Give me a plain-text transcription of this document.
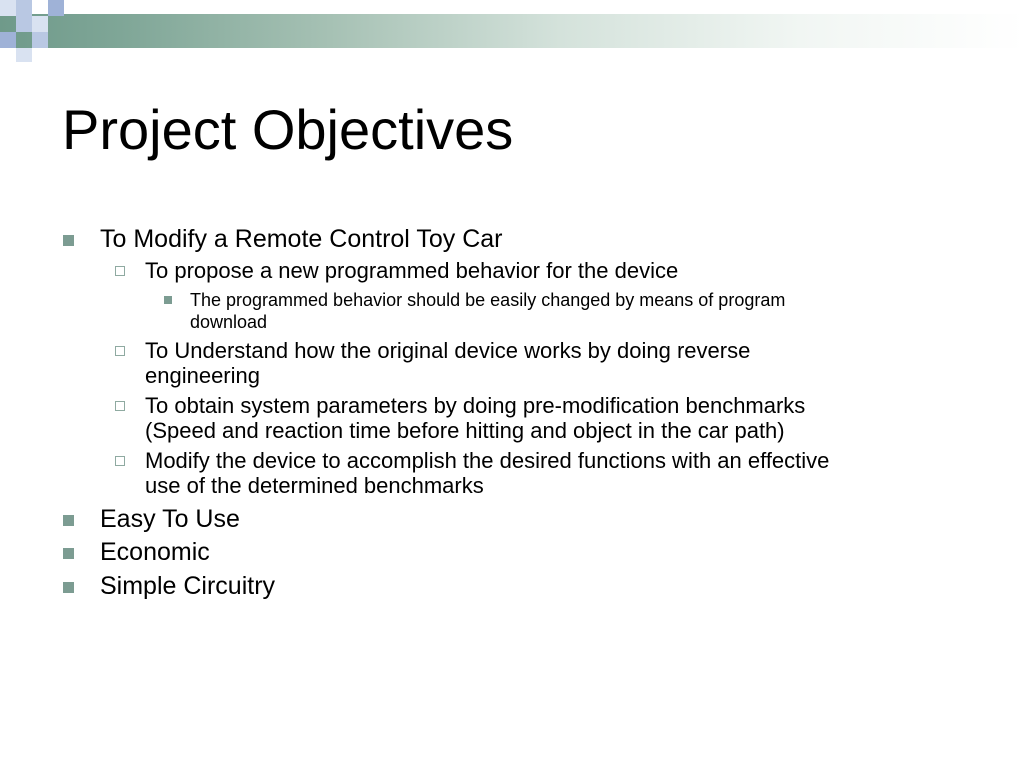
Project Objectives
To Modify a Remote Control Toy Car
To propose a new programmed behavior for the device
The programmed behavior should be easily changed by means of program
download
To Understand how the original device works by doing reverse
engineering
To obtain system parameters by doing pre-modification benchmarks
(Speed and reaction time before hitting and object in the car path)
Modify the device to accomplish the desired functions with an effective
use of the determined benchmarks
Easy To Use
Economic
Simple Circuitry
